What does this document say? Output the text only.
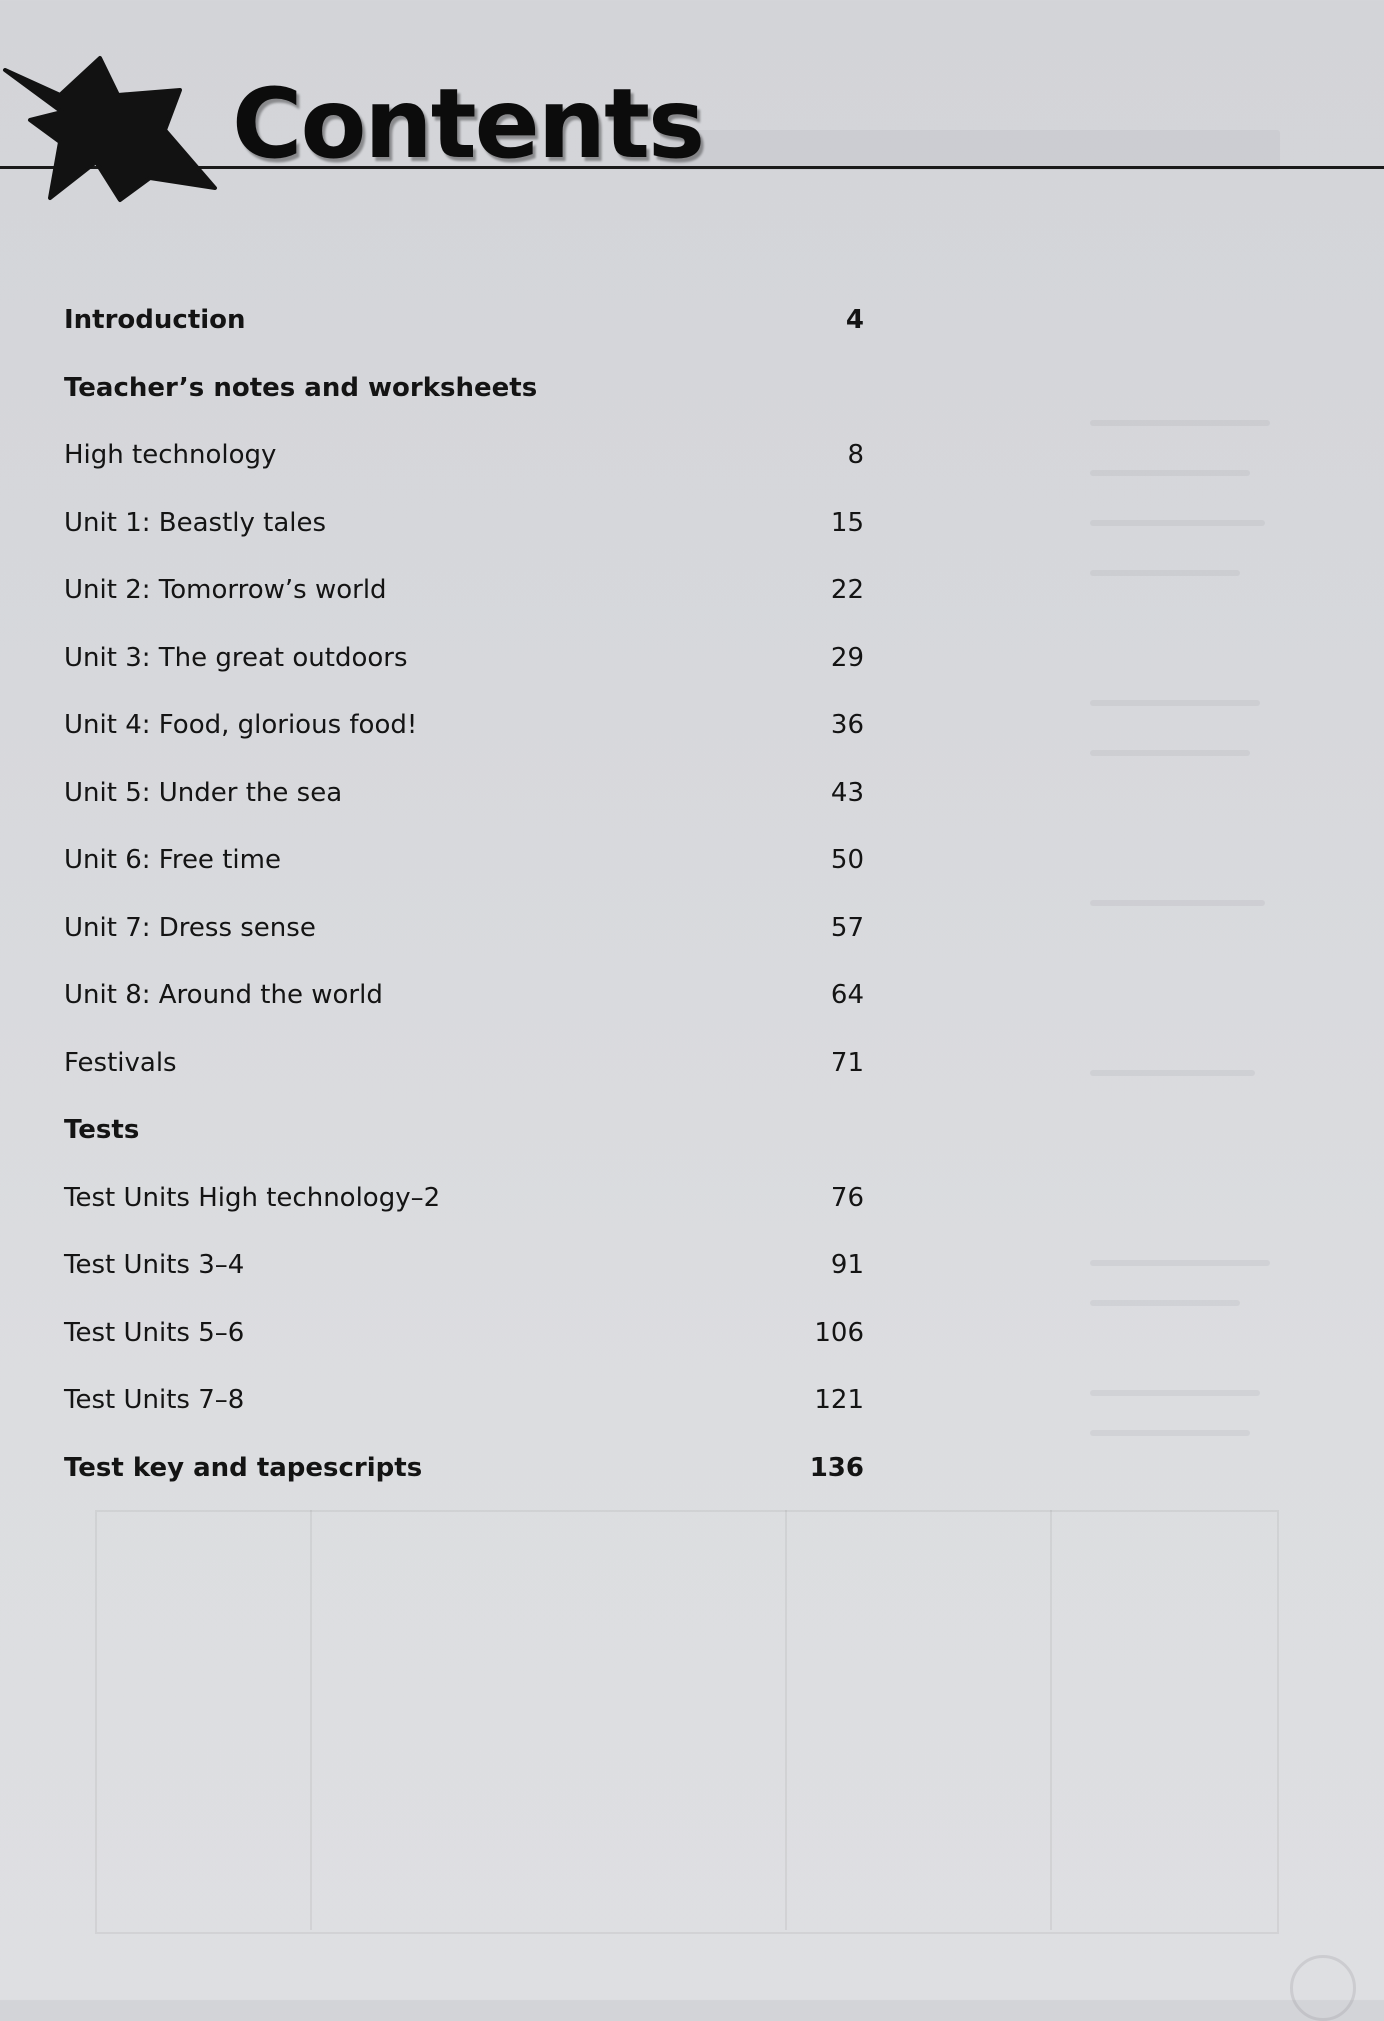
Contents
Introduction	4
Teacher’s notes and worksheets
High technology	8
Unit 1: Beastly tales	15
Unit 2: Tomorrow’s world	22
Unit 3: The great outdoors	29
Unit 4: Food, glorious food!	36
Unit 5: Under the sea	43
Unit 6: Free time	50
Unit 7: Dress sense	57
Unit 8: Around the world	64
Festivals	71
Tests
Test Units High technology–2	76
Test Units 3–4	91
Test Units 5–6	106
Test Units 7–8	121
Test key and tapescripts	136
